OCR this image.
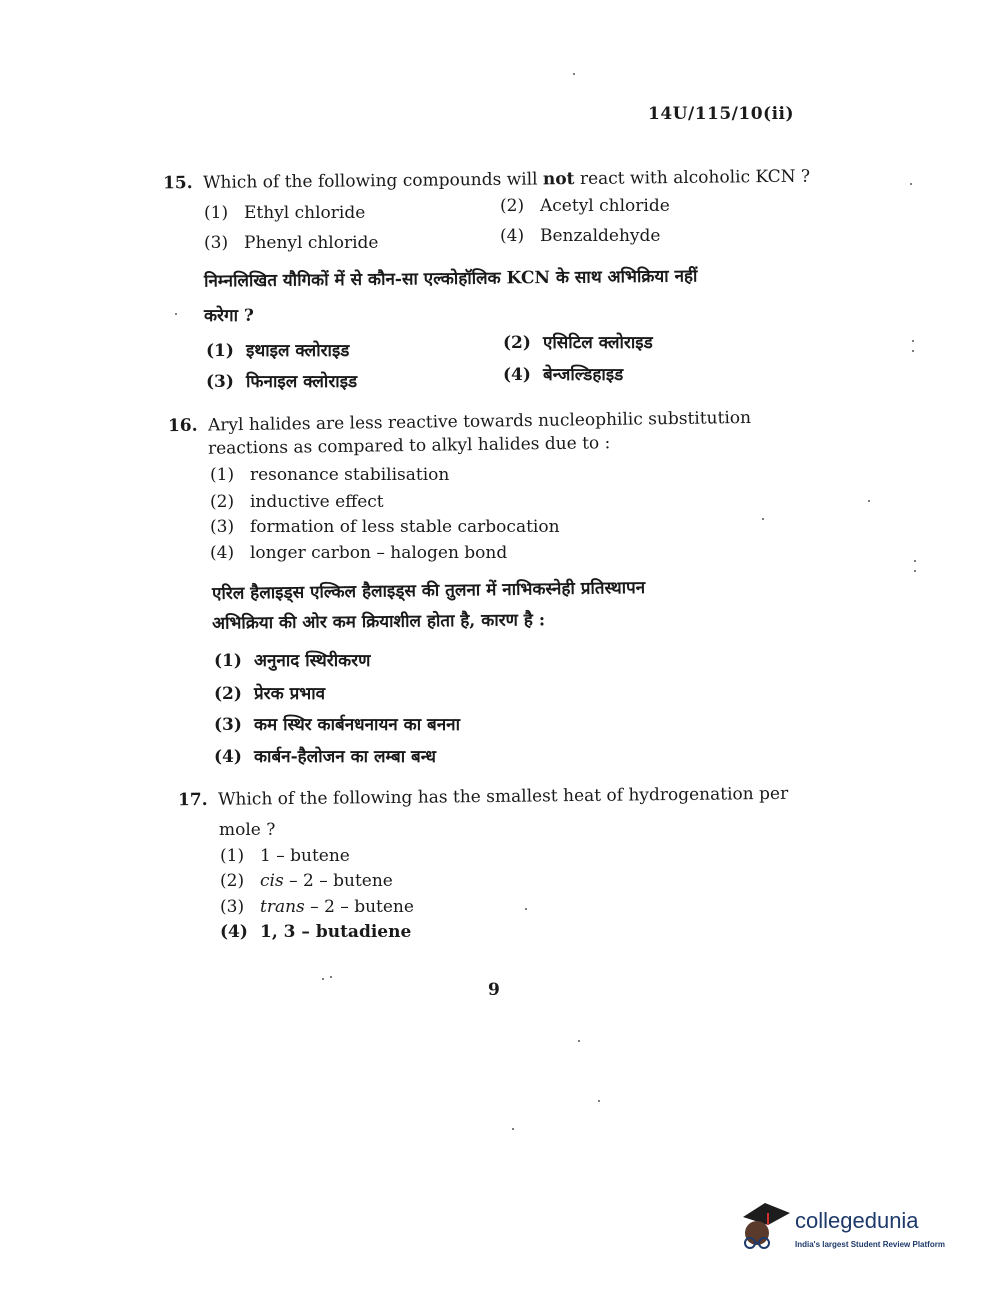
14U/115/10(ii)
15. Which of the following compounds will not react with alcoholic KCN ?
(1) Ethyl chloride	(2) Acetyl chloride
(3) Phenyl chloride	(4) Benzaldehyde
निम्नलिखित यौगिकों में से कौन-सा एल्कोहॉलिक KCN के साथ अभिक्रिया नहीं
करेगा ?
(1) इथाइल क्लोराइड	(2) एसिटिल क्लोराइड
(3) फिनाइल क्लोराइड	(4) बेन्जल्डिहाइड
16. Aryl halides are less reactive towards nucleophilic substitution
reactions as compared to alkyl halides due to :
(1) resonance stabilisation
(2) inductive effect
(3) formation of less stable carbocation
(4) longer carbon – halogen bond
एरिल हैलाइड्स एल्किल हैलाइड्स की तुलना में नाभिकस्नेही प्रतिस्थापन
अभिक्रिया की ओर कम क्रियाशील होता है, कारण है :
(1) अनुनाद स्थिरीकरण
(2) प्रेरक प्रभाव
(3) कम स्थिर कार्बनधनायन का बनना
(4) कार्बन-हैलोजन का लम्बा बन्ध
17. Which of the following has the smallest heat of hydrogenation per
mole ?
(1) 1 – butene
(2) cis – 2 – butene
(3) trans – 2 – butene
(4) 1, 3 – butadiene
9
collegedunia
India's largest Student Review Platform
